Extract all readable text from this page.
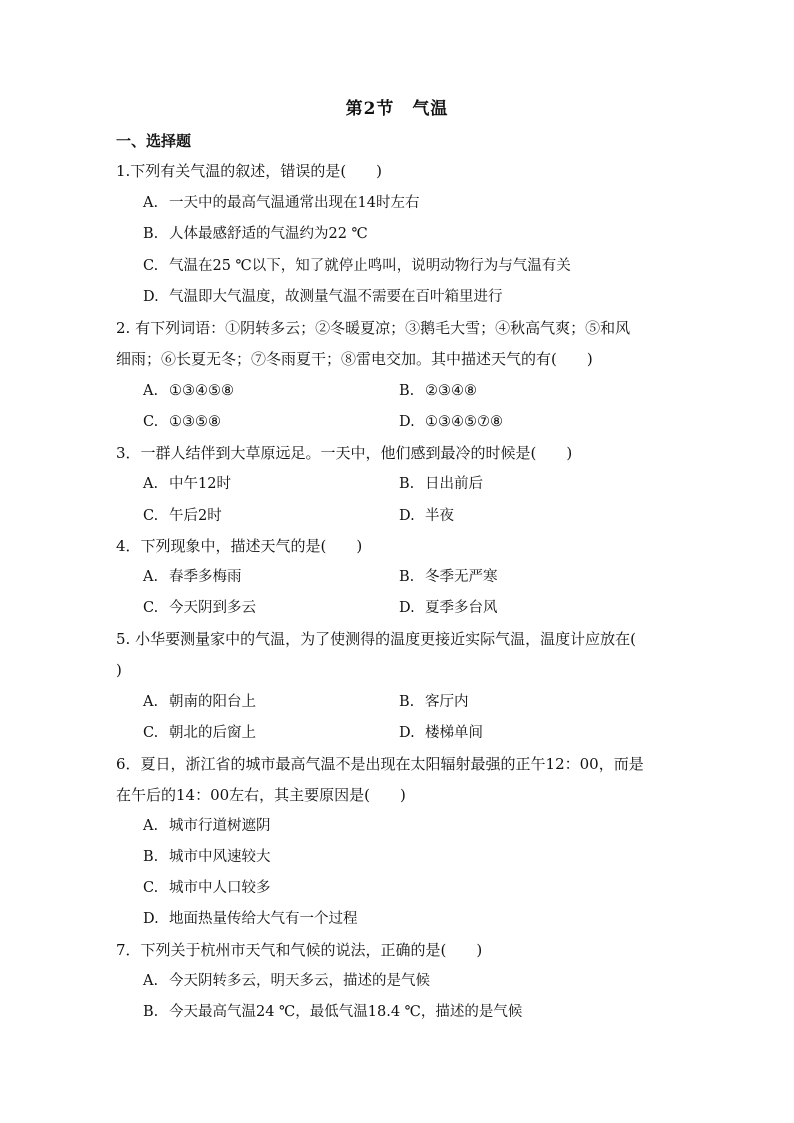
第2节　气温
一、选择题
1.下列有关气温的叙述，错误的是(　　)
A. 一天中的最高气温通常出现在14时左右
B. 人体最感舒适的气温约为22 ℃
C. 气温在25 ℃以下，知了就停止鸣叫，说明动物行为与气温有关
D. 气温即大气温度，故测量气温不需要在百叶箱里进行
2. 有下列词语：①阴转多云；②冬暖夏凉；③鹅毛大雪；④秋高气爽；⑤和风
细雨；⑥长夏无冬；⑦冬雨夏干；⑧雷电交加。其中描述天气的有(　　)
A. ①③④⑤⑧	B. ②③④⑧
C. ①③⑤⑧	D. ①③④⑤⑦⑧
3．一群人结伴到大草原远足。一天中，他们感到最冷的时候是(　　)
A. 中午12时	B. 日出前后
C. 午后2时	D. 半夜
4．下列现象中，描述天气的是(　　)
A. 春季多梅雨	B. 冬季无严寒
C. 今天阴到多云	D. 夏季多台风
5. 小华要测量家中的气温，为了使测得的温度更接近实际气温，温度计应放在(
)
A. 朝南的阳台上	B. 客厅内
C. 朝北的后窗上	D. 楼梯单间
6．夏日，浙江省的城市最高气温不是出现在太阳辐射最强的正午12：00，而是
在午后的14：00左右，其主要原因是(　　)
A. 城市行道树遮阴
B. 城市中风速较大
C. 城市中人口较多
D. 地面热量传给大气有一个过程
7．下列关于杭州市天气和气候的说法，正确的是(　　)
A. 今天阴转多云，明天多云，描述的是气候
B. 今天最高气温24 ℃，最低气温18.4 ℃，描述的是气候
